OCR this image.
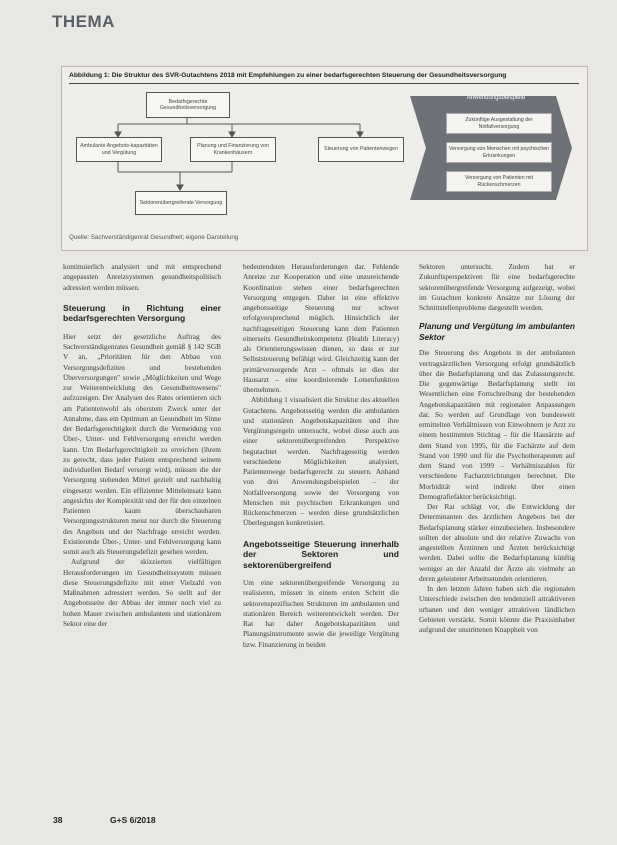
THEMA
Abbildung 1: Die Struktur des SVR-Gutachtens 2018 mit Empfehlungen zu einer bedarfsgerechten Steuerung der Gesundheitsversorgung
Bedarfsgerechte Gesundheitsversorgung
Ambulante Angebots-kapazitäten und Vergütung
Planung und Finanzierung von Krankenhäusern
Steuerung von Patientenwegen
Sektorenübergreifende Versorgung
Anwendungsbeispiele
Zukünftige Ausgestaltung der Notfallversorgung
Versorgung von Menschen mit psychischen Erkrankungen
Versorgung von Patienten mit Rückenschmerzen
Quelle: Sachverständigenrat Gesundheit; eigene Darstellung

kontinuierlich analysiert und mit entsprechend angepassten Anreizsystemen gesundheitspolitisch adressiert werden müssen.

Steuerung in Richtung einer bedarfsgerechten Versorgung

Hier setzt der gesetzliche Auftrag des Sachverständigenrates Gesundheit gemäß § 142 SGB V an, „Prioritäten für den Abbau von Versorgungsdefiziten und bestehenden Überversorgungen" sowie „Möglichkeiten und Wege zur Weiterentwicklung des Gesundheitswesens" aufzuzeigen. Der Analysen des Rates orientieren sich am Patientenwohl als oberstem Zweck unter der Annahme, dass ein Optimum an Gesundheit im Sinne der Bedarfsgerechtigkeit durch die Vermeidung von Über-, Unter- und Fehlversorgung erreicht werden kann. Um Bedarfsgerechtigkeit zu erreichen (ihrem zu gerecht, dass jeder Patient entsprechend seinem individuellen Bedarf versorgt wird), müssen die der Versorgung stehenden Mittel gezielt und nachhaltig eingesetzt werden. Ein effizienter Mitteleinsatz kann angesichts der Komplexität und der für den einzelnen Patienten kaum überschaubaren Versorgungsstrukturen meist nur durch die Steuerung des Angebots und der Nachfrage erreicht werden. Existierende Über-, Unter- und Fehlversorgung kann somit auch als Steuerungsdefizit gesehen werden.

Aufgrund der skizzierten vielfältigen Herausforderungen im Gesundheitssystem müssen diese Steuerungsdefizite mit einer Vielzahl von Maßnahmen adressiert werden. So stellt auf der Angebotsseite der Abbau der immer noch viel zu hohen Mauer zwischen ambulantem und stationärem Sektor eine der

bedeutendsten Herausforderungen dar. Fehlende Anreize zur Kooperation und eine unzureichende Koordination stehen einer bedarfsgerechten Versorgung entgegen. Daher ist eine effektive angebotsseitige Steuerung nur schwer erfolgversprechend möglich. Hinsichtlich der nachfrageseitigen Steuerung kann dem Patienten einerseits Gesundheitskompetenz (Health Literacy) als Orientierungswissen dienen, so dass er zur Selbststeuerung befähigt wird. Gleichzeitig kann der primärversorgende Arzt – oftmals ist dies der Hausarzt – eine koordinierende Lotsenfunktion übernehmen.

Abbildung 1 visualisiert die Struktur des aktuellen Gutachtens. Angebotsseitig werden die ambulanten und stationären Angebotskapazitäten und ihre Vergütungsregeln untersucht, wobei diese auch aus einer sektorenübergreifenden Perspektive begutachtet werden. Nachfrageseitig werden verschiedene Möglichkeiten analysiert, Patientenwege bedarfsgerecht zu steuern. Anhand von drei Anwendungsbeispielen – der Notfallversorgung sowie der Versorgung von Menschen mit psychischen Erkrankungen und Rückenschmerzen – werden diese grundsätzlichen Überlegungen konkretisiert.

Angebotsseitige Steuerung innerhalb der Sektoren und sektorenübergreifend

Um eine sektorenübergreifende Versorgung zu realisieren, müssen in einem ersten Schritt die sektorenspezifischen Strukturen im ambulanten und stationären Bereich weiterentwickelt werden. Der Rat hat daher Angebotskapazitäten und Planungsinstrumente sowie die jeweilige Vergütung bzw. Finanzierung in beiden

Sektoren untersucht. Zudem hat er Zukunftsperspektiven für eine bedarfsgerechte sektorenübergreifende Versorgung aufgezeigt, wobei im Gutachten konkrete Ansätze zur Lösung der Schnittstellenprobleme dargestellt werden.

Planung und Vergütung im ambulanten Sektor

Die Steuerung des Angebots in der ambulanten vertragsärztlichen Versorgung erfolgt grundsätzlich über die Bedarfsplanung und das Zulassungsrecht. Die gegenwärtige Bedarfsplanung stellt im Wesentlichen eine Fortschreibung der bestehenden Angebotskapazitäten mit regionalen Anpassungen dar. So werden auf Grundlage von bundesweit ermittelten Verhältnissen von Einwohnern je Arzt zu einem bestimmten Stichtag – für die Hausärzte auf dem Stand von 1995, für die Fachärzte auf dem Stand von 1990 und für die Psychotherapeuten auf dem Stand von 1999 – Verhältniszahlen für verschiedene Facharztrichtungen berechnet. Die Morbidität wird indirekt über einen Demografiefaktor berücksichtigt.

Der Rat schlägt vor, die Entwicklung der Determinanten des ärztlichen Angebots bei der Bedarfsplanung stärker einzubeziehen. Insbesondere sollten der absolute und der relative Zuwachs von angestellten Ärztinnen und Ärzten berücksichtigt werden. Dabei sollte die Bedarfsplanung künftig weniger an der Anzahl der Ärzte als vielmehr an deren geleisteter Arbeitsstunden orientieren.

In den letzten Jahren haben sich die regionalen Unterschiede zwischen den tendenziell attraktiveren urbanen und den weniger attraktiven ländlichen Gebieten verstärkt. Somit könnte die Praxisinhaber aufgrund der unstrittenen Knappheit von

38	G+S 6/2018
